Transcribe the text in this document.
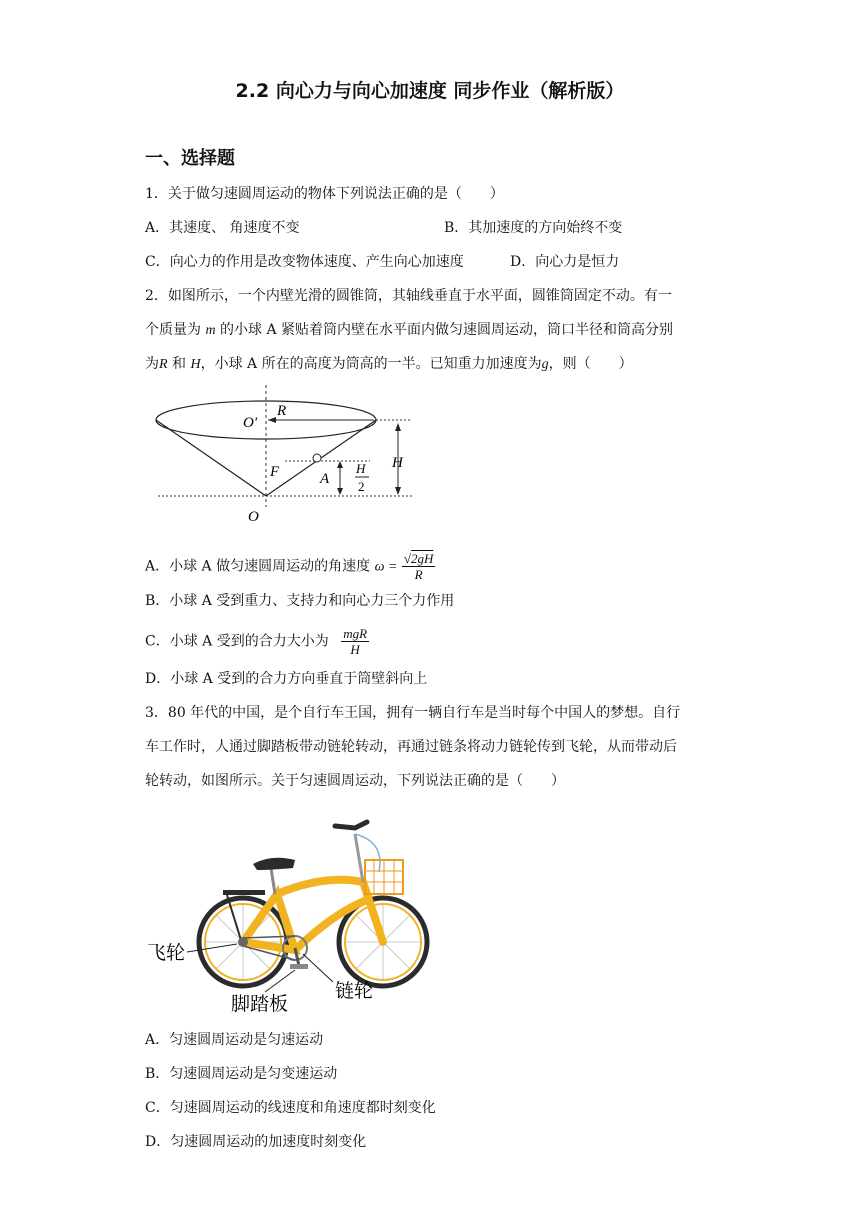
2.2 向心力与向心加速度 同步作业（解析版）
一、选择题
1．关于做匀速圆周运动的物体下列说法正确的是（　　）
A．其速度、 角速度不变	B．其加速度的方向始终不变
C．向心力的作用是改变物体速度、产生向心加速度	D．向心力是恒力
2．如图所示，一个内壁光滑的圆锥筒，其轴线垂直于水平面，圆锥筒固定不动。有一
个质量为 m 的小球 A 紧贴着筒内壁在水平面内做匀速圆周运动，筒口半径和筒高分别
为R 和 H，小球 A 所在的高度为筒高的一半。已知重力加速度为g，则（　　）
O′
R
F	A
H
H
2
O
A．小球 A 做匀速圆周运动的角速度 $\omega = \frac{√2gH}{R}$
B．小球 A 受到重力、支持力和向心力三个力作用
C．小球 A 受到的合力大小为 $\frac{\text{mgR}}{H}$
D．小球 A 受到的合力方向垂直于筒壁斜向上
3．80 年代的中国，是个自行车王国，拥有一辆自行车是当时每个中国人的梦想。自行
车工作时，人通过脚踏板带动链轮转动，再通过链条将动力链轮传到飞轮，从而带动后
轮转动，如图所示。关于匀速圆周运动，下列说法正确的是（　　）
飞轮
脚踏板
链轮
A．匀速圆周运动是匀速运动
B．匀速圆周运动是匀变速运动
C．匀速圆周运动的线速度和角速度都时刻变化
D．匀速圆周运动的加速度时刻变化
